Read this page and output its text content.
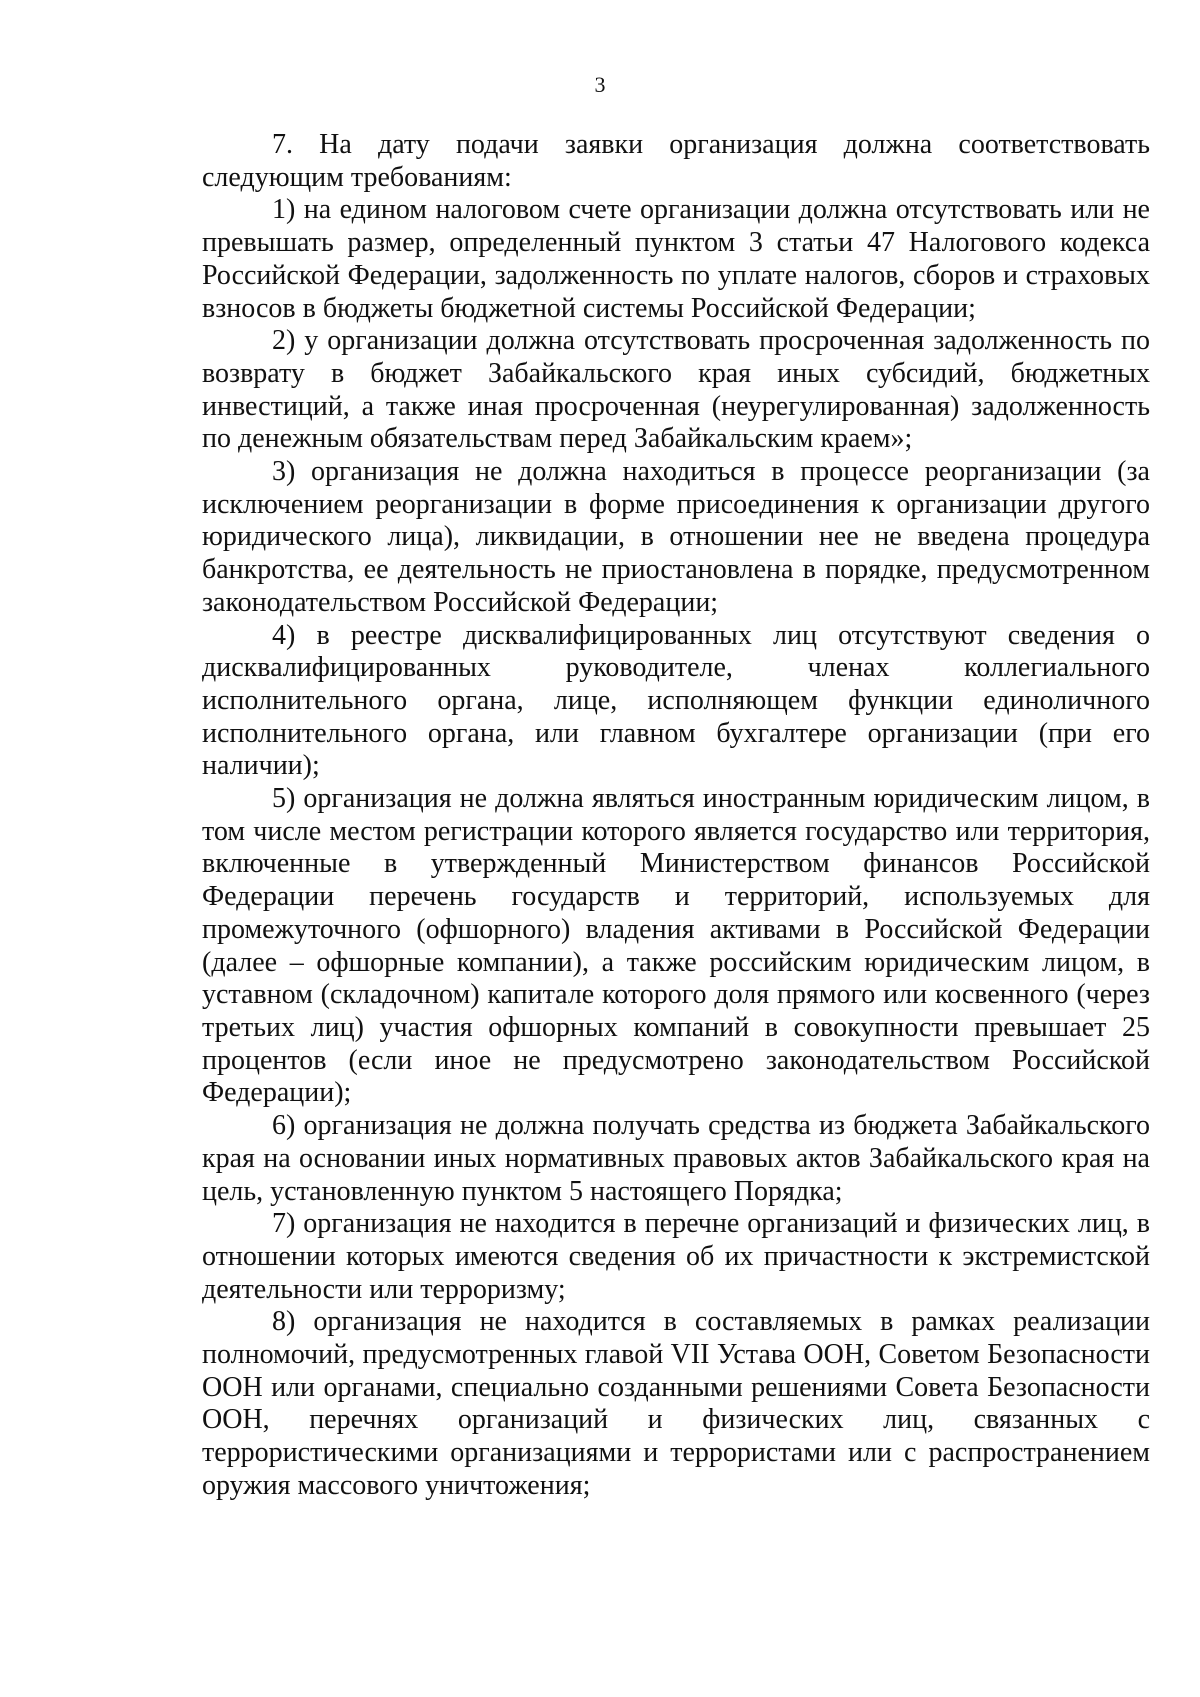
3

7. На дату подачи заявки организация должна соответствовать следующим требованиям:

1) на едином налоговом счете организации должна отсутствовать или не превышать размер, определенный пунктом 3 статьи 47 Налогового кодекса Российской Федерации, задолженность по уплате налогов, сборов и страховых взносов в бюджеты бюджетной системы Российской Федерации;

2) у организации должна отсутствовать просроченная задолженность по возврату в бюджет Забайкальского края иных субсидий, бюджетных инвестиций, а также иная просроченная (неурегулированная) задолженность по денежным обязательствам перед Забайкальским краем»;

3) организация не должна находиться в процессе реорганизации (за исключением реорганизации в форме присоединения к организации другого юридического лица), ликвидации, в отношении нее не введена процедура банкротства, ее деятельность не приостановлена в порядке, предусмотренном законодательством Российской Федерации;

4) в реестре дисквалифицированных лиц отсутствуют сведения о дисквалифицированных руководителе, членах коллегиального исполнительного органа, лице, исполняющем функции единоличного исполнительного органа, или главном бухгалтере организации (при его наличии);

5) организация не должна являться иностранным юридическим лицом, в том числе местом регистрации которого является государство или территория, включенные в утвержденный Министерством финансов Российской Федерации перечень государств и территорий, используемых для промежуточного (офшорного) владения активами в Российской Федерации (далее – офшорные компании), а также российским юридическим лицом, в уставном (складочном) капитале которого доля прямого или косвенного (через третьих лиц) участия офшорных компаний в совокупности превышает 25 процентов (если иное не предусмотрено законодательством Российской Федерации);

6) организация не должна получать средства из бюджета Забайкальского края на основании иных нормативных правовых актов Забайкальского края на цель, установленную пунктом 5 настоящего Порядка;

7) организация не находится в перечне организаций и физических лиц, в отношении которых имеются сведения об их причастности к экстремистской деятельности или терроризму;

8) организация не находится в составляемых в рамках реализации полномочий, предусмотренных главой VII Устава ООН, Советом Безопасности ООН или органами, специально созданными решениями Совета Безопасности ООН, перечнях организаций и физических лиц, связанных с террористическими организациями и террористами или с распространением оружия массового уничтожения;
